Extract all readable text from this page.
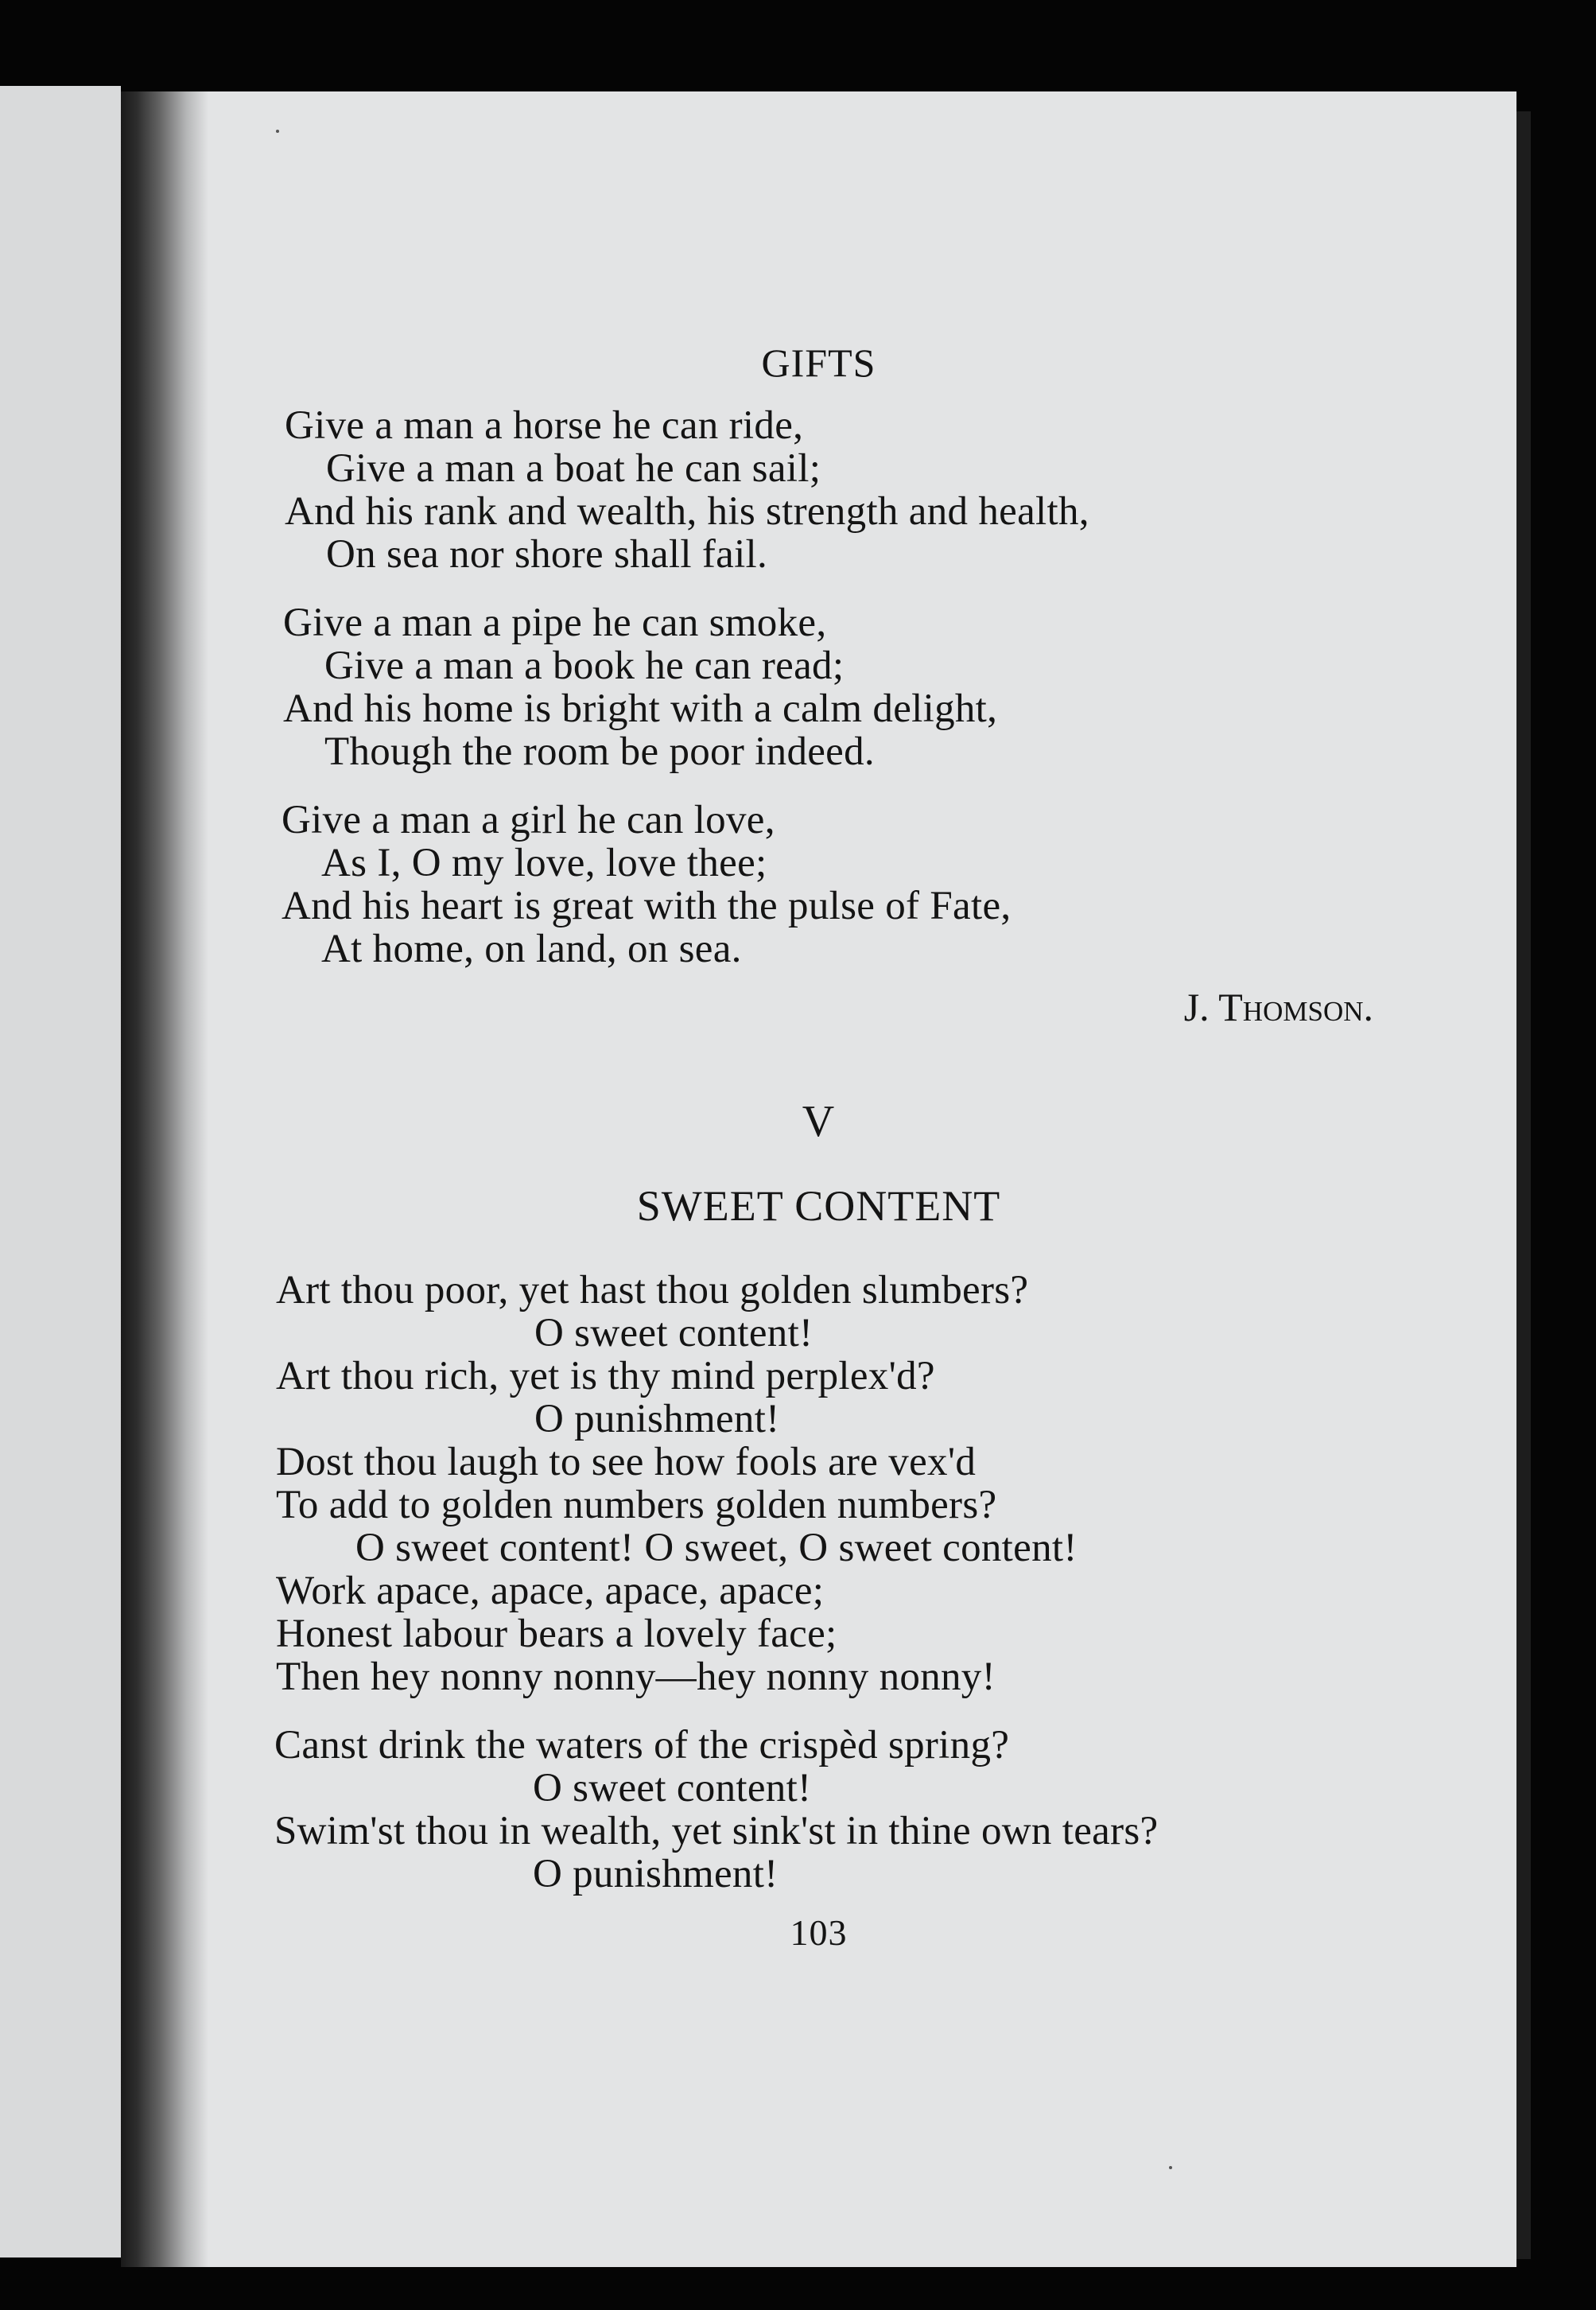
GIFTS
Give a man a horse he can ride,
Give a man a boat he can sail;
And his rank and wealth, his strength and health,
On sea nor shore shall fail.
Give a man a pipe he can smoke,
Give a man a book he can read;
And his home is bright with a calm delight,
Though the room be poor indeed.
Give a man a girl he can love,
As I, O my love, love thee;
And his heart is great with the pulse of Fate,
At home, on land, on sea.
J. Thomson.
V
SWEET CONTENT
Art thou poor, yet hast thou golden slumbers?
O sweet content!
Art thou rich, yet is thy mind perplex'd?
O punishment!
Dost thou laugh to see how fools are vex'd
To add to golden numbers golden numbers?
O sweet content! O sweet, O sweet content!
Work apace, apace, apace, apace;
Honest labour bears a lovely face;
Then hey nonny nonny—hey nonny nonny!
Canst drink the waters of the crispèd spring?
O sweet content!
Swim'st thou in wealth, yet sink'st in thine own tears?
O punishment!
103
